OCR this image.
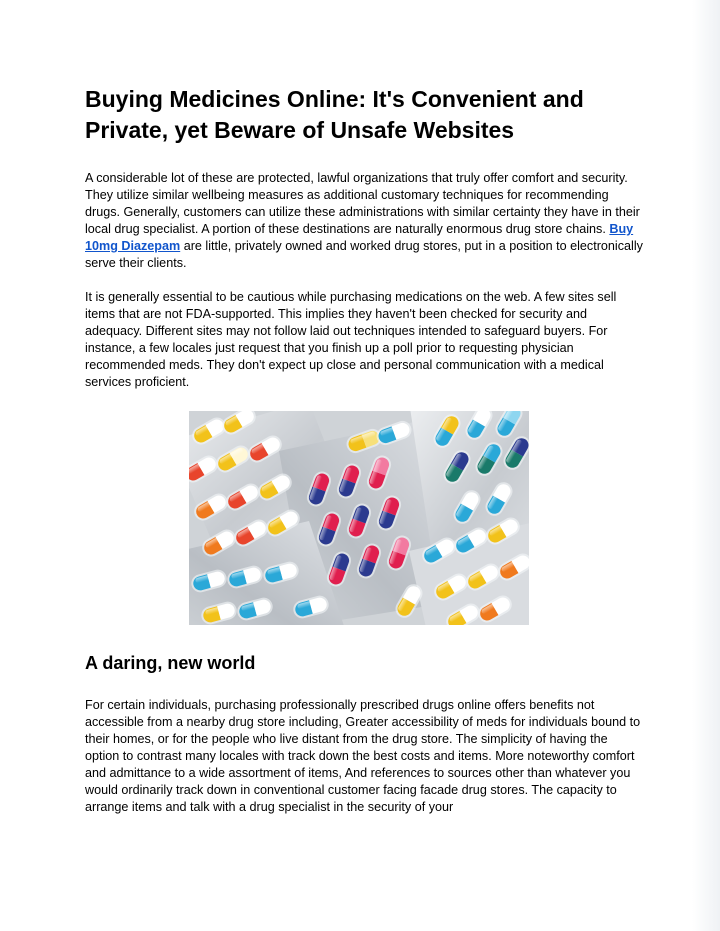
Buying Medicines Online: It's Convenient and Private, yet Beware of Unsafe Websites

A considerable lot of these are protected, lawful organizations that truly offer comfort and security. They utilize similar wellbeing measures as additional customary techniques for recommending drugs. Generally, customers can utilize these administrations with similar certainty they have in their local drug specialist. A portion of these destinations are naturally enormous drug store chains. Buy 10mg Diazepam are little, privately owned and worked drug stores, put in a position to electronically serve their clients.

It is generally essential to be cautious while purchasing medications on the web. A few sites sell items that are not FDA-supported. This implies they haven't been checked for security and adequacy. Different sites may not follow laid out techniques intended to safeguard buyers. For instance, a few locales just request that you finish up a poll prior to requesting physician recommended meds. They don't expect up close and personal communication with a medical services proficient.

A daring, new world

For certain individuals, purchasing professionally prescribed drugs online offers benefits not accessible from a nearby drug store including, Greater accessibility of meds for individuals bound to their homes, or for the people who live distant from the drug store. The simplicity of having the option to contrast many locales with track down the best costs and items. More noteworthy comfort and admittance to a wide assortment of items, And references to sources other than whatever you would ordinarily track down in conventional customer facing facade drug stores. The capacity to arrange items and talk with a drug specialist in the security of your
